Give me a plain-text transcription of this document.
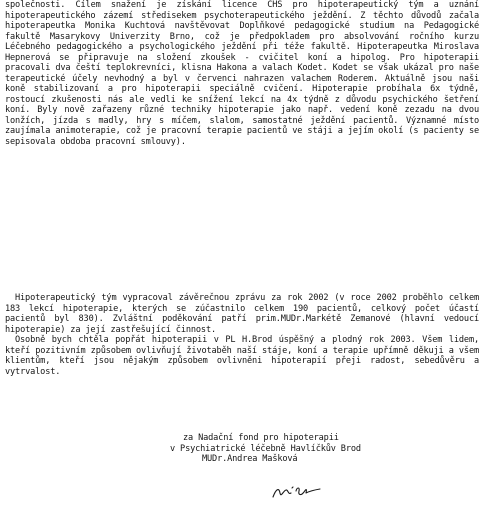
společnosti. Cílem snažení je získání licence ČHS pro hipoterapeutický tým a uznání hipoterapeutického zázemí středisekem psychoterapeutického ježdění. Z těchto důvodů začala hipoterapeutka Monika Kuchtová navštěvovat Doplňkové pedagogické studium na Pedagogické fakultě Masarykovy Univerzity Brno, což je předpokladem pro absolvování ročního kurzu Léčebného pedagogického a psychologického ježdění při téže fakultě. Hipoterapeutka Miroslava Hepnerová se připravuje na složení zkoušek - cvičitel koní a hipolog. Pro hipoterapii pracovali dva čeští teplokrevníci, klisna Hakona a valach Kodet. Kodet se však ukázal pro naše terapeutické účely nevhodný a byl v červenci nahrazen valachem Roderem. Aktuálně jsou naši koně stabilizovaní a pro hipoterapii speciálně cvičení. Hipoterapie probíhala 6x týdně, rostoucí zkušenosti nás ale vedli ke snížení lekcí na 4x týdně z důvodu psychického šetření koní. Byly nově zařazeny různé techniky hipoterapie jako např. vedení koně zezadu na dvou lonžích, jízda s madly, hry s míčem, slalom, samostatné ježdění pacientů. Významné místo zaujímala animoterapie, což je pracovní terapie pacientů ve stáji a jejím okolí (s pacienty se sepisovala obdoba pracovní smlouvy).

Hipoterapeutický tým vypracoval závěrečnou zprávu za rok 2002 (v roce 2002 proběhlo celkem 183 lekcí hipoterapie, kterých se zúčastnilo celkem 190 pacientů, celkový počet účastí pacientů byl 830). Zvláštní poděkování patří prim.MUDr.Markétě Zemanové (hlavní vedoucí hipoterapie) za její zastřešující činnost.

Osobně bych chtěla popřát hipoterapii v PL H.Brod úspěšný a plodný rok 2003. Všem lidem, kteří pozitivním způsobem ovlivňují životaběh naší stáje, koní a terapie upřímně děkuji a všem klientům, kteří jsou nějakým způsobem ovlivněni hipoterapií přeji radost, sebedůvěru a vytrvalost.

za Nadační fond pro hipoterapii
v Psychiatrické léčebně Havlíčkův Brod
MUDr.Andrea Mašková
